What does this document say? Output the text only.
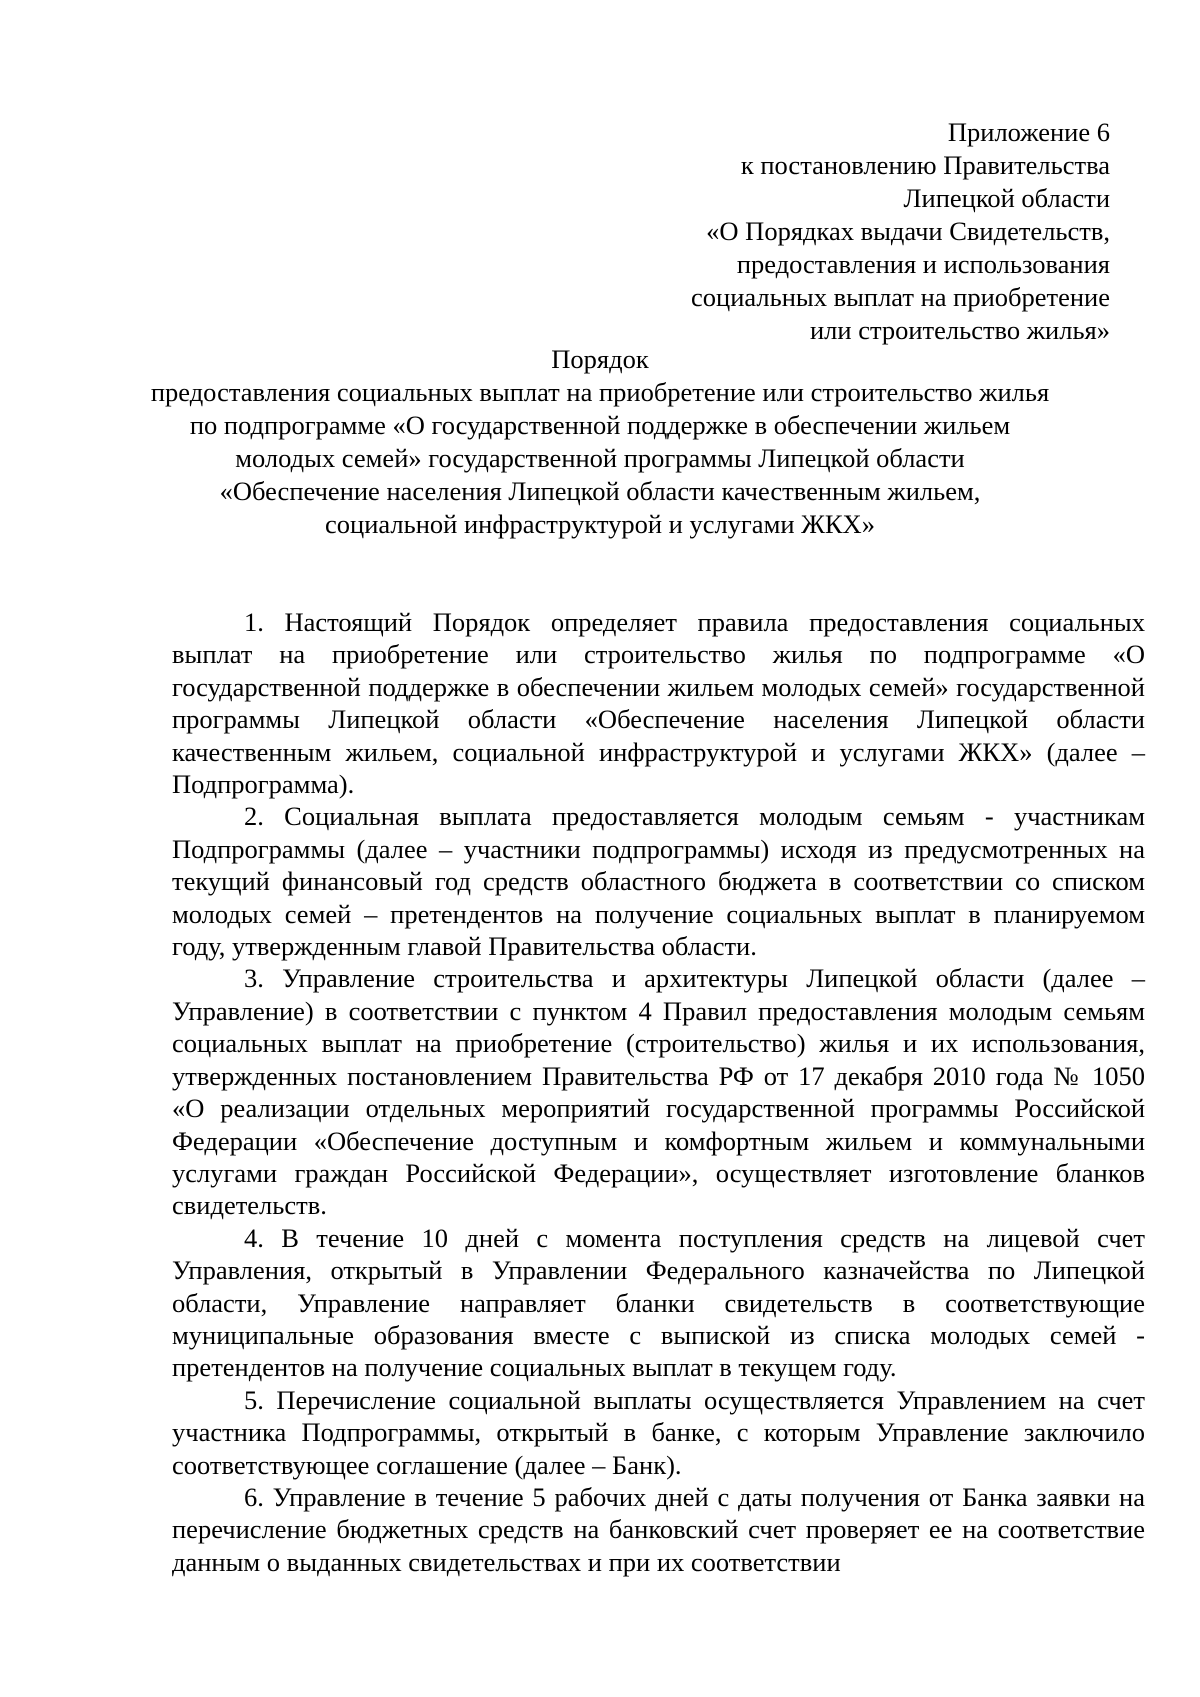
Приложение 6
к постановлению Правительства
Липецкой области
«О Порядках выдачи Свидетельств,
предоставления и использования
социальных выплат на приобретение
или строительство жилья»
Порядок
предоставления социальных выплат на приобретение или строительство жилья
по подпрограмме «О государственной поддержке в обеспечении жильем
молодых семей» государственной программы Липецкой области
«Обеспечение населения Липецкой области качественным жильем,
социальной инфраструктурой и услугами ЖКХ»

1. Настоящий Порядок определяет правила предоставления социальных выплат на приобретение или строительство жилья по подпрограмме «О государственной поддержке в обеспечении жильем молодых семей» государственной программы Липецкой области «Обеспечение населения Липецкой области качественным жильем, социальной инфраструктурой и услугами ЖКХ» (далее – Подпрограмма).

2. Социальная выплата предоставляется молодым семьям - участникам Подпрограммы (далее – участники подпрограммы) исходя из предусмотренных на текущий финансовый год средств областного бюджета в соответствии со списком молодых семей – претендентов на получение социальных выплат в планируемом году, утвержденным главой Правительства области.

3. Управление строительства и архитектуры Липецкой области (далее – Управление) в соответствии с пунктом 4 Правил предоставления молодым семьям социальных выплат на приобретение (строительство) жилья и их использования, утвержденных постановлением Правительства РФ от 17 декабря 2010 года № 1050 «О реализации отдельных мероприятий государственной программы Российской Федерации «Обеспечение доступным и комфортным жильем и коммунальными услугами граждан Российской Федерации», осуществляет изготовление бланков свидетельств.

4. В течение 10 дней с момента поступления средств на лицевой счет Управления, открытый в Управлении Федерального казначейства по Липецкой области, Управление направляет бланки свидетельств в соответствующие муниципальные образования вместе с выпиской из списка молодых семей - претендентов на получение социальных выплат в текущем году.

5. Перечисление социальной выплаты осуществляется Управлением на счет участника Подпрограммы, открытый в банке, с которым Управление заключило соответствующее соглашение (далее – Банк).

6. Управление в течение 5 рабочих дней с даты получения от Банка заявки на перечисление бюджетных средств на банковский счет проверяет ее на соответствие данным о выданных свидетельствах и при их соответствии
